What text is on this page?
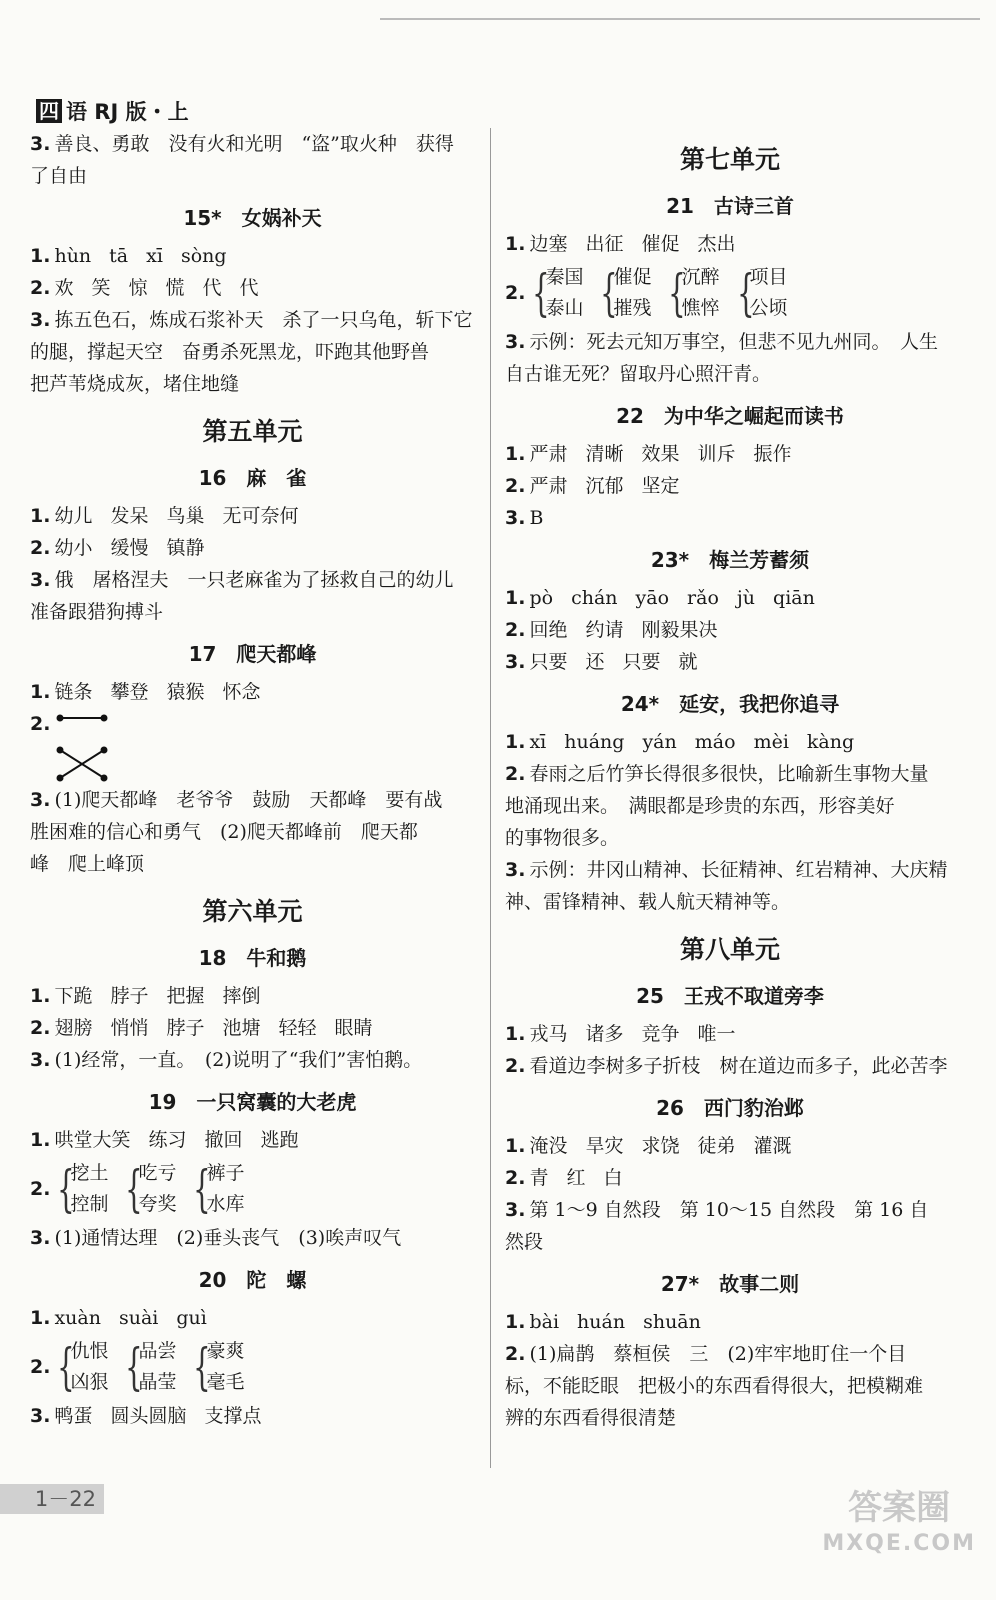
四 语 RJ 版・上
3. 善良、勇敢　没有火和光明　“盗”取火种　获得
了自由
15*　女娲补天
1. hùn tā xī sòng
2. 欢 笑 惊 慌 代 代
3. 拣五色石，炼成石浆补天　杀了一只乌龟，斩下它
的腿，撑起天空　奋勇杀死黑龙，吓跑其他野兽
把芦苇烧成灰，堵住地缝
第五单元
16　麻　雀
1. 幼儿 发呆 鸟巢 无可奈何
2. 幼小 缓慢 镇静
3. 俄　屠格涅夫　一只老麻雀为了拯救自己的幼儿
准备跟猎狗搏斗
17　爬天都峰
1. 链条 攀登 猿猴 怀念
2.
3. (1)爬天都峰　老爷爷　鼓励　天都峰　要有战
胜困难的信心和勇气　(2)爬天都峰前　爬天都
峰　爬上峰顶
第六单元
18　牛和鹅
1. 下跪 脖子 把握 摔倒
2. 翅膀 悄悄 脖子 池塘 轻轻 眼睛
3. (1)经常，一直。　(2)说明了“我们”害怕鹅。
19　一只窝囊的大老虎
1. 哄堂大笑 练习 撤回 逃跑
2. {
挖土
控制 {
吃亏
夸奖 {
裤子
水库
3. (1)通情达理　(2)垂头丧气　(3)唉声叹气
20　陀　螺
1. xuàn suài guì
2. {
仇恨
凶狠 {
品尝
晶莹 {
豪爽
毫毛
3. 鸭蛋 圆头圆脑 支撑点
第七单元
21　古诗三首
1. 边塞 出征 催促 杰出
2. {
秦国
泰山 {
催促
摧残 {
沉醉
憔悴 {
项目
公顷
3. 示例：死去元知万事空，但悲不见九州同。　人生
自古谁无死？留取丹心照汗青。
22　为中华之崛起而读书
1. 严肃 清晰 效果 训斥 振作
2. 严肃 沉郁 坚定
3. B
23*　梅兰芳蓄须
1. pò chán yāo rǎo jù qiān
2. 回绝 约请 刚毅果决
3. 只要 还 只要 就
24*　延安，我把你追寻
1. xī huáng yán máo mèi kàng
2. 春雨之后竹笋长得很多很快，比喻新生事物大量
地涌现出来。　满眼都是珍贵的东西，形容美好
的事物很多。
3. 示例：井冈山精神、长征精神、红岩精神、大庆精
神、雷锋精神、载人航天精神等。
第八单元
25　王戎不取道旁李
1. 戎马 诸多 竞争 唯一
2. 看道边李树多子折枝　树在道边而多子，此必苦李
26　西门豹治邺
1. 淹没 旱灾 求饶 徒弟 灌溉
2. 青 红 白
3. 第 1～9 自然段　第 10～15 自然段　第 16 自
然段
27*　故事二则
1. bài huán shuān
2. (1)扁鹊　蔡桓侯　三　(2)牢牢地盯住一个目
标，不能眨眼　把极小的东西看得很大，把模糊难
辨的东西看得很清楚
1－22	答案圈
MXQE.COM
